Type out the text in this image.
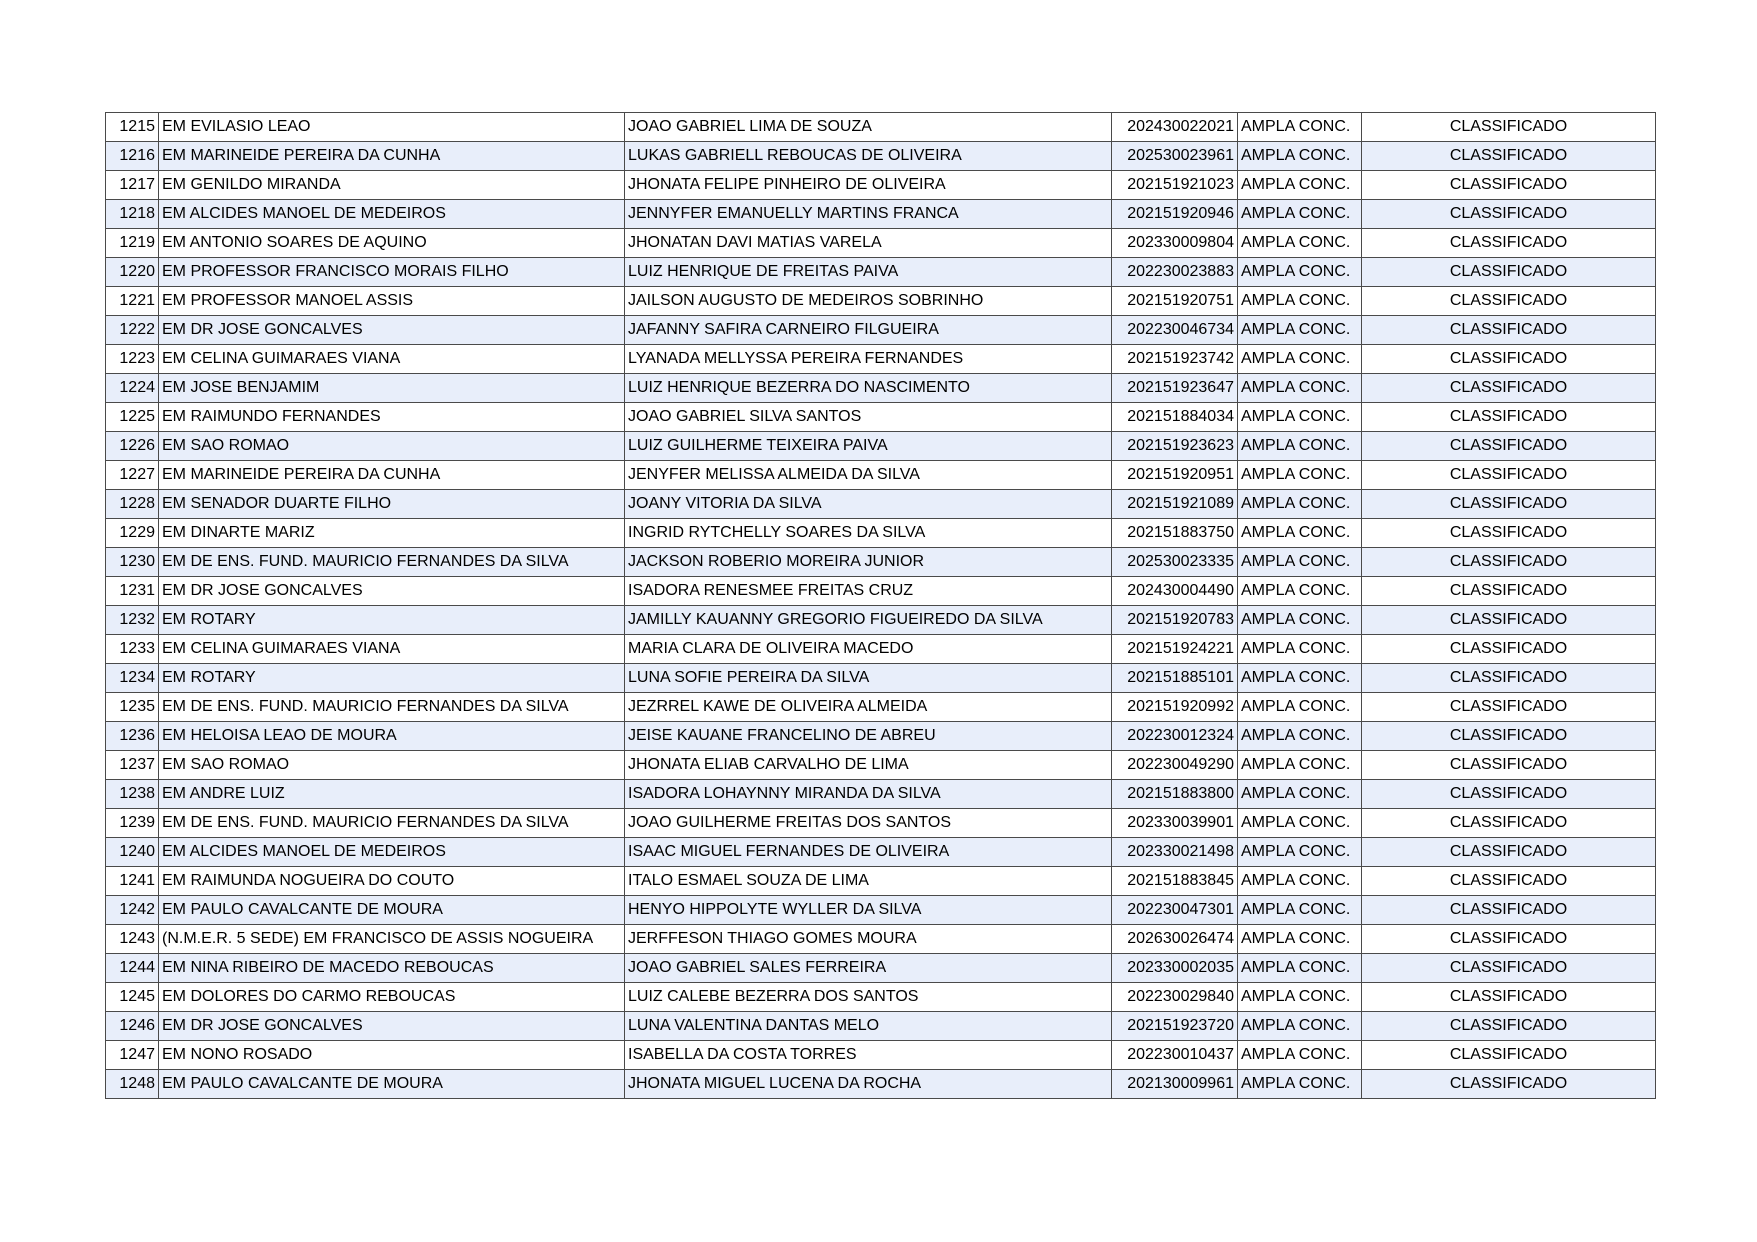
1215	EM EVILASIO LEAO	JOAO GABRIEL LIMA DE SOUZA	202430022021	AMPLA CONC.	CLASSIFICADO
1216	EM MARINEIDE PEREIRA DA CUNHA	LUKAS GABRIELL REBOUCAS DE OLIVEIRA	202530023961	AMPLA CONC.	CLASSIFICADO
1217	EM GENILDO MIRANDA	JHONATA FELIPE PINHEIRO DE OLIVEIRA	202151921023	AMPLA CONC.	CLASSIFICADO
1218	EM ALCIDES MANOEL DE MEDEIROS	JENNYFER EMANUELLY MARTINS FRANCA	202151920946	AMPLA CONC.	CLASSIFICADO
1219	EM ANTONIO SOARES DE AQUINO	JHONATAN DAVI MATIAS VARELA	202330009804	AMPLA CONC.	CLASSIFICADO
1220	EM PROFESSOR FRANCISCO MORAIS FILHO	LUIZ HENRIQUE DE FREITAS PAIVA	202230023883	AMPLA CONC.	CLASSIFICADO
1221	EM PROFESSOR MANOEL ASSIS	JAILSON AUGUSTO DE MEDEIROS SOBRINHO	202151920751	AMPLA CONC.	CLASSIFICADO
1222	EM DR JOSE GONCALVES	JAFANNY SAFIRA CARNEIRO FILGUEIRA	202230046734	AMPLA CONC.	CLASSIFICADO
1223	EM CELINA GUIMARAES VIANA	LYANADA MELLYSSA PEREIRA FERNANDES	202151923742	AMPLA CONC.	CLASSIFICADO
1224	EM JOSE BENJAMIM	LUIZ HENRIQUE BEZERRA DO NASCIMENTO	202151923647	AMPLA CONC.	CLASSIFICADO
1225	EM RAIMUNDO FERNANDES	JOAO GABRIEL SILVA SANTOS	202151884034	AMPLA CONC.	CLASSIFICADO
1226	EM SAO ROMAO	LUIZ GUILHERME TEIXEIRA PAIVA	202151923623	AMPLA CONC.	CLASSIFICADO
1227	EM MARINEIDE PEREIRA DA CUNHA	JENYFER MELISSA ALMEIDA DA SILVA	202151920951	AMPLA CONC.	CLASSIFICADO
1228	EM SENADOR DUARTE FILHO	JOANY VITORIA DA SILVA	202151921089	AMPLA CONC.	CLASSIFICADO
1229	EM DINARTE MARIZ	INGRID RYTCHELLY SOARES DA SILVA	202151883750	AMPLA CONC.	CLASSIFICADO
1230	EM DE ENS. FUND. MAURICIO FERNANDES DA SILVA	JACKSON ROBERIO MOREIRA JUNIOR	202530023335	AMPLA CONC.	CLASSIFICADO
1231	EM DR JOSE GONCALVES	ISADORA RENESMEE FREITAS CRUZ	202430004490	AMPLA CONC.	CLASSIFICADO
1232	EM ROTARY	JAMILLY KAUANNY GREGORIO FIGUEIREDO DA SILVA	202151920783	AMPLA CONC.	CLASSIFICADO
1233	EM CELINA GUIMARAES VIANA	MARIA CLARA DE OLIVEIRA MACEDO	202151924221	AMPLA CONC.	CLASSIFICADO
1234	EM ROTARY	LUNA SOFIE PEREIRA DA SILVA	202151885101	AMPLA CONC.	CLASSIFICADO
1235	EM DE ENS. FUND. MAURICIO FERNANDES DA SILVA	JEZRREL KAWE DE OLIVEIRA ALMEIDA	202151920992	AMPLA CONC.	CLASSIFICADO
1236	EM HELOISA LEAO DE MOURA	JEISE KAUANE FRANCELINO DE ABREU	202230012324	AMPLA CONC.	CLASSIFICADO
1237	EM SAO ROMAO	JHONATA ELIAB CARVALHO DE LIMA	202230049290	AMPLA CONC.	CLASSIFICADO
1238	EM ANDRE LUIZ	ISADORA LOHAYNNY MIRANDA DA SILVA	202151883800	AMPLA CONC.	CLASSIFICADO
1239	EM DE ENS. FUND. MAURICIO FERNANDES DA SILVA	JOAO GUILHERME FREITAS DOS SANTOS	202330039901	AMPLA CONC.	CLASSIFICADO
1240	EM ALCIDES MANOEL DE MEDEIROS	ISAAC MIGUEL FERNANDES DE OLIVEIRA	202330021498	AMPLA CONC.	CLASSIFICADO
1241	EM RAIMUNDA NOGUEIRA DO COUTO	ITALO ESMAEL SOUZA DE LIMA	202151883845	AMPLA CONC.	CLASSIFICADO
1242	EM PAULO CAVALCANTE DE MOURA	HENYO HIPPOLYTE WYLLER DA SILVA	202230047301	AMPLA CONC.	CLASSIFICADO
1243	(N.M.E.R. 5 SEDE) EM FRANCISCO DE ASSIS NOGUEIRA	JERFFESON THIAGO GOMES MOURA	202630026474	AMPLA CONC.	CLASSIFICADO
1244	EM NINA RIBEIRO DE MACEDO REBOUCAS	JOAO GABRIEL SALES FERREIRA	202330002035	AMPLA CONC.	CLASSIFICADO
1245	EM DOLORES DO CARMO REBOUCAS	LUIZ CALEBE BEZERRA DOS SANTOS	202230029840	AMPLA CONC.	CLASSIFICADO
1246	EM DR JOSE GONCALVES	LUNA VALENTINA DANTAS MELO	202151923720	AMPLA CONC.	CLASSIFICADO
1247	EM NONO ROSADO	ISABELLA DA COSTA TORRES	202230010437	AMPLA CONC.	CLASSIFICADO
1248	EM PAULO CAVALCANTE DE MOURA	JHONATA MIGUEL LUCENA DA ROCHA	202130009961	AMPLA CONC.	CLASSIFICADO
